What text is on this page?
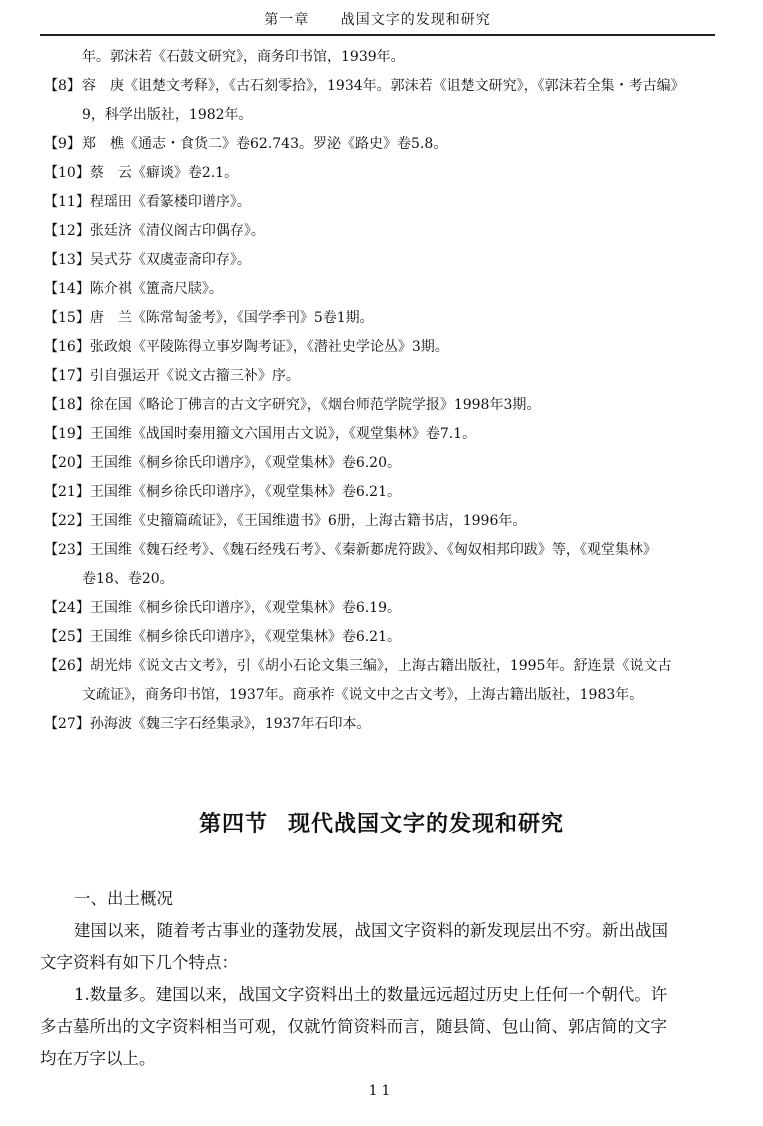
第一章 战国文字的发现和研究
年。郭沫若《石鼓文研究》，商务印书馆，1939年。
【8】容　庚《诅楚文考释》，《古石刻零拾》，1934年。郭沫若《诅楚文研究》，《郭沫若全集・考古编》
9，科学出版社，1982年。
【9】郑　樵《通志・食货二》卷62.743。罗泌《路史》卷5.8。
【10】蔡　云《癖谈》卷2.1。
【11】程瑶田《看篆楼印谱序》。
【12】张廷济《清仪阁古印偶存》。
【13】吴式芬《双虞壶斋印存》。
【14】陈介祺《簠斋尺牍》。
【15】唐　兰《陈常匋釜考》，《国学季刊》5卷1期。
【16】张政烺《平陵陈得立事岁陶考证》，《潜社史学论丛》3期。
【17】引自强运开《说文古籀三补》序。
【18】徐在国《略论丁佛言的古文字研究》，《烟台师范学院学报》1998年3期。
【19】王国维《战国时秦用籀文六国用古文说》，《观堂集林》卷7.1。
【20】王国维《桐乡徐氏印谱序》，《观堂集林》卷6.20。
【21】王国维《桐乡徐氏印谱序》，《观堂集林》卷6.21。
【22】王国维《史籀篇疏证》，《王国维遗书》6册，上海古籍书店，1996年。
【23】王国维《魏石经考》、《魏石经残石考》、《秦新郪虎符跋》、《匈奴相邦印跋》等，《观堂集林》
卷18、卷20。
【24】王国维《桐乡徐氏印谱序》，《观堂集林》卷6.19。
【25】王国维《桐乡徐氏印谱序》，《观堂集林》卷6.21。
【26】胡光炜《说文古文考》，引《胡小石论文集三编》，上海古籍出版社，1995年。舒连景《说文古
文疏证》，商务印书馆，1937年。商承祚《说文中之古文考》，上海古籍出版社，1983年。
【27】孙海波《魏三字石经集录》，1937年石印本。
第四节 现代战国文字的发现和研究

一、出土概况

建国以来，随着考古事业的蓬勃发展，战国文字资料的新发现层出不穷。新出战国

文字资料有如下几个特点：

1.数量多。建国以来，战国文字资料出土的数量远远超过历史上任何一个朝代。许

多古墓所出的文字资料相当可观，仅就竹简资料而言，随县简、包山简、郭店简的文字

均在万字以上。

11
